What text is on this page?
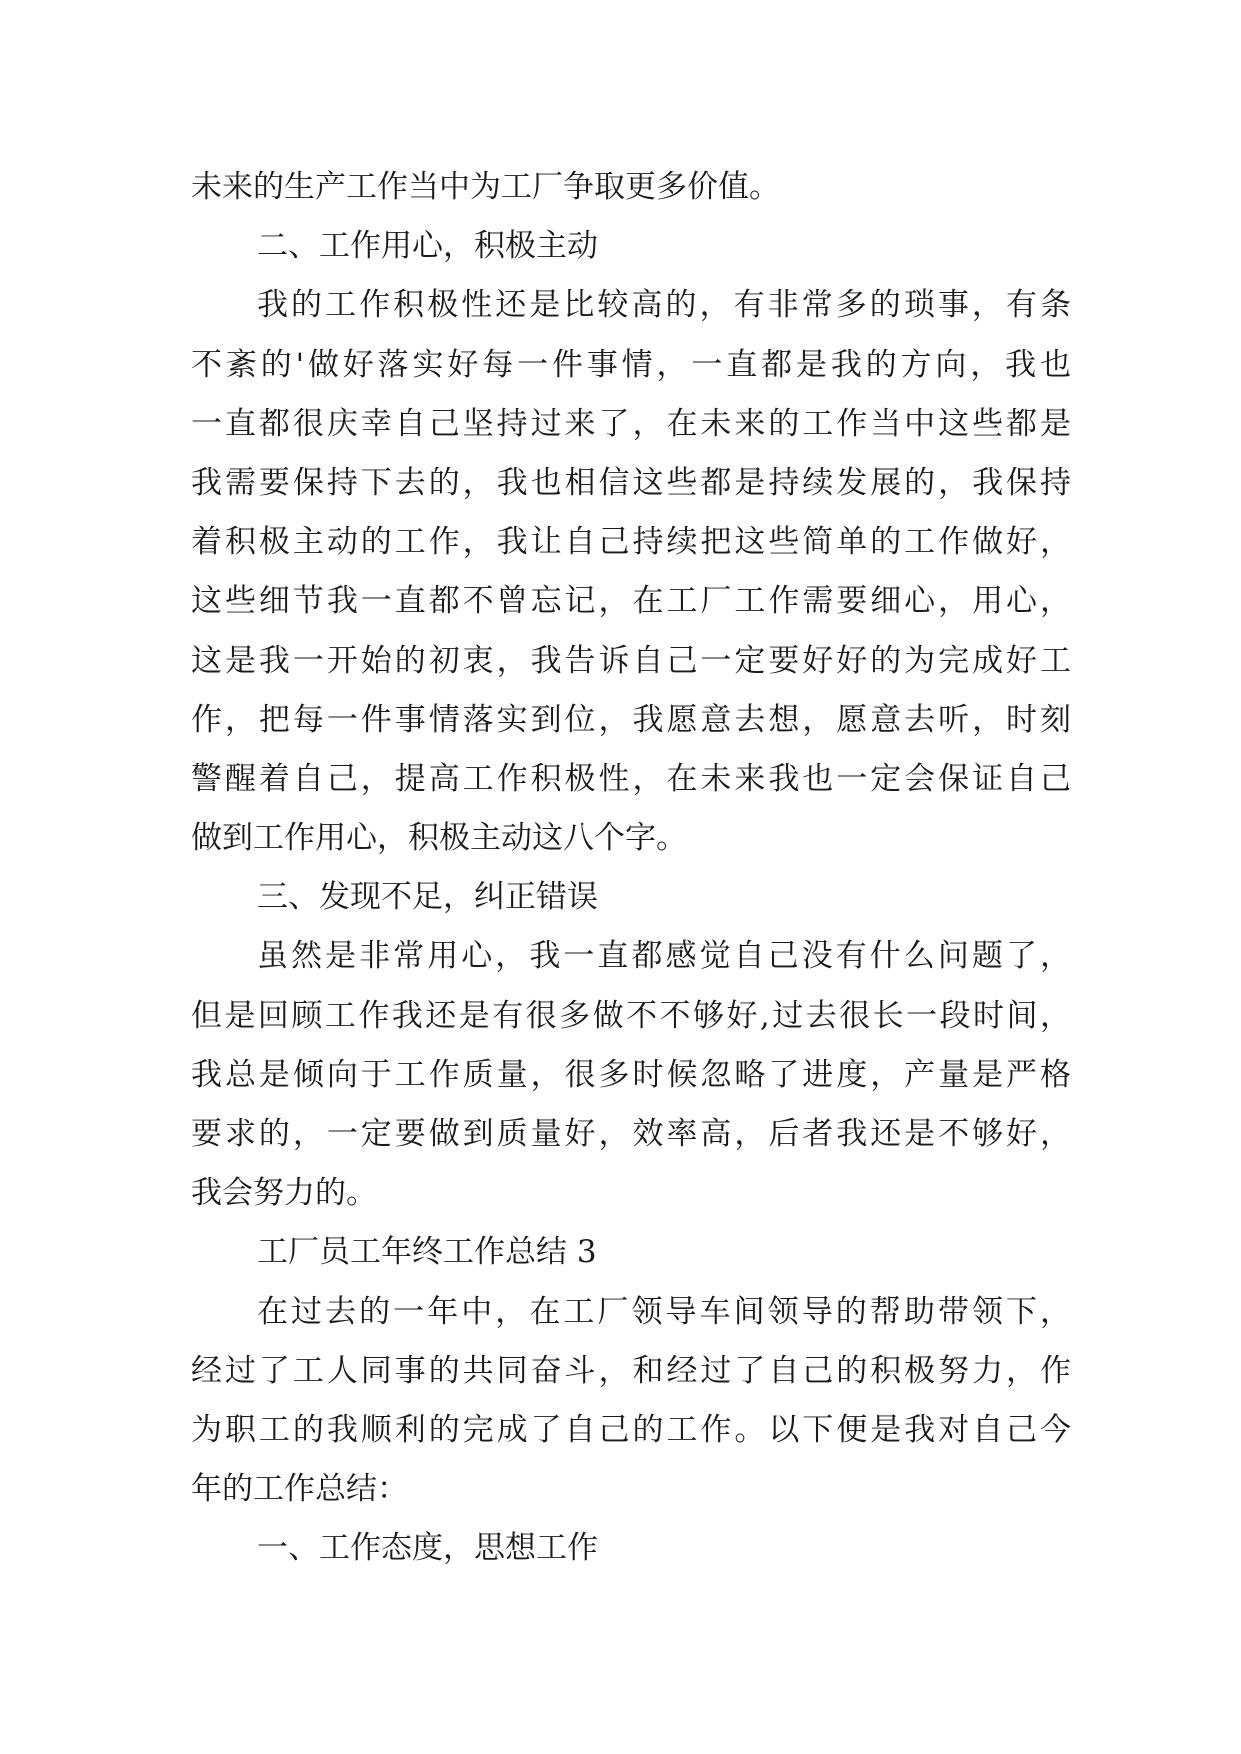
未来的生产工作当中为工厂争取更多价值。
二、工作用心，积极主动
我的工作积极性还是比较高的，有非常多的琐事，有条
不紊的'做好落实好每一件事情，一直都是我的方向，我也
一直都很庆幸自己坚持过来了，在未来的工作当中这些都是
我需要保持下去的，我也相信这些都是持续发展的，我保持
着积极主动的工作，我让自己持续把这些简单的工作做好，
这些细节我一直都不曾忘记，在工厂工作需要细心，用心，
这是我一开始的初衷，我告诉自己一定要好好的为完成好工
作，把每一件事情落实到位，我愿意去想，愿意去听，时刻
警醒着自己，提高工作积极性，在未来我也一定会保证自己
做到工作用心，积极主动这八个字。
三、发现不足，纠正错误
虽然是非常用心，我一直都感觉自己没有什么问题了，
但是回顾工作我还是有很多做不不够好,过去很长一段时间，
我总是倾向于工作质量，很多时候忽略了进度，产量是严格
要求的，一定要做到质量好，效率高，后者我还是不够好，
我会努力的。
工厂员工年终工作总结 3
在过去的一年中，在工厂领导车间领导的帮助带领下，
经过了工人同事的共同奋斗，和经过了自己的积极努力，作
为职工的我顺利的完成了自己的工作。以下便是我对自己今
年的工作总结：
一、工作态度，思想工作
